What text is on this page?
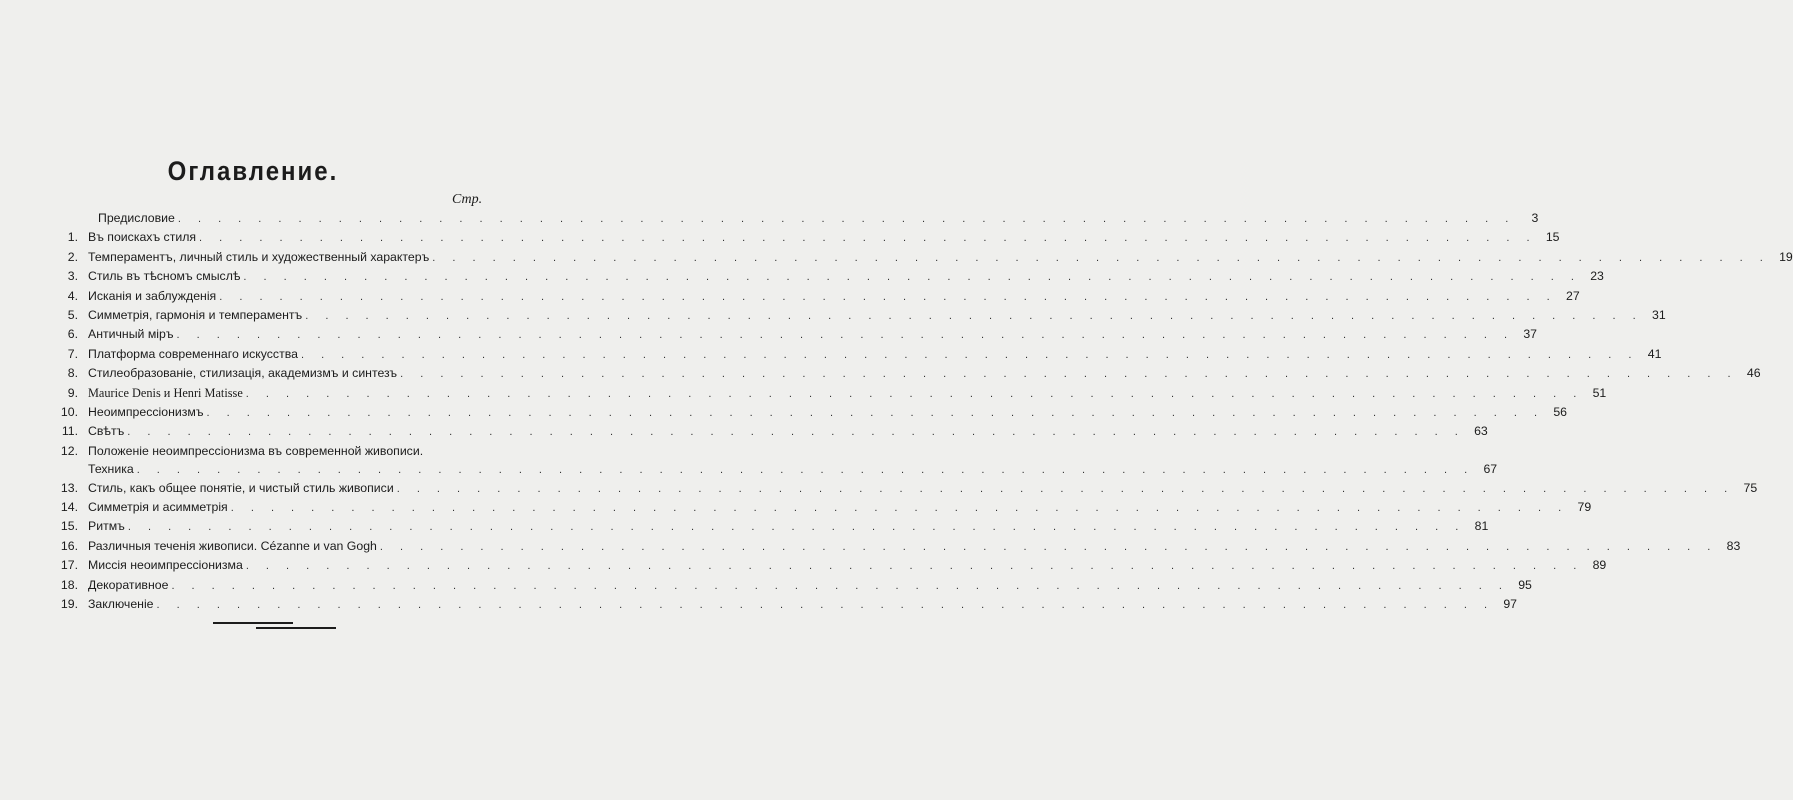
Оглавление.
Стр.
Предисловие . . .	3
1. Въ поискахъ стиля . . .	15
2. Темпераментъ, личный стиль и художественный характеръ . . .	19
3. Стиль въ тѣсномъ смыслѣ . . .	23
4. Исканія и заблужденія . . .	27
5. Симметрія, гармонія и темпераментъ . . .	31
6. Античный міръ . . .	37
7. Платформа современнаго искусства . . .	41
8. Стилеобразованіе, стилизація, академизмъ и синтезъ . . .	46
9. Maurice Denis и Henri Matisse . . .	51
10. Неоимпрессіонизмъ . . .	56
11. Свѣтъ . . .	63
12. Положеніе неоимпрессіонизма въ современной живописи.
Техника . . .	67
13. Стиль, какъ общее понятіе, и чистый стиль живописи . . .	75
14. Симметрія и асимметрія . . .	79
15. Ритмъ . . .	81
16. Различныя теченія живописи. Cézanne и van Gogh . . .	83
17. Миссія неоимпрессіонизма . . .	89
18. Декоративное . . .	95
19. Заключеніе . . .	97
